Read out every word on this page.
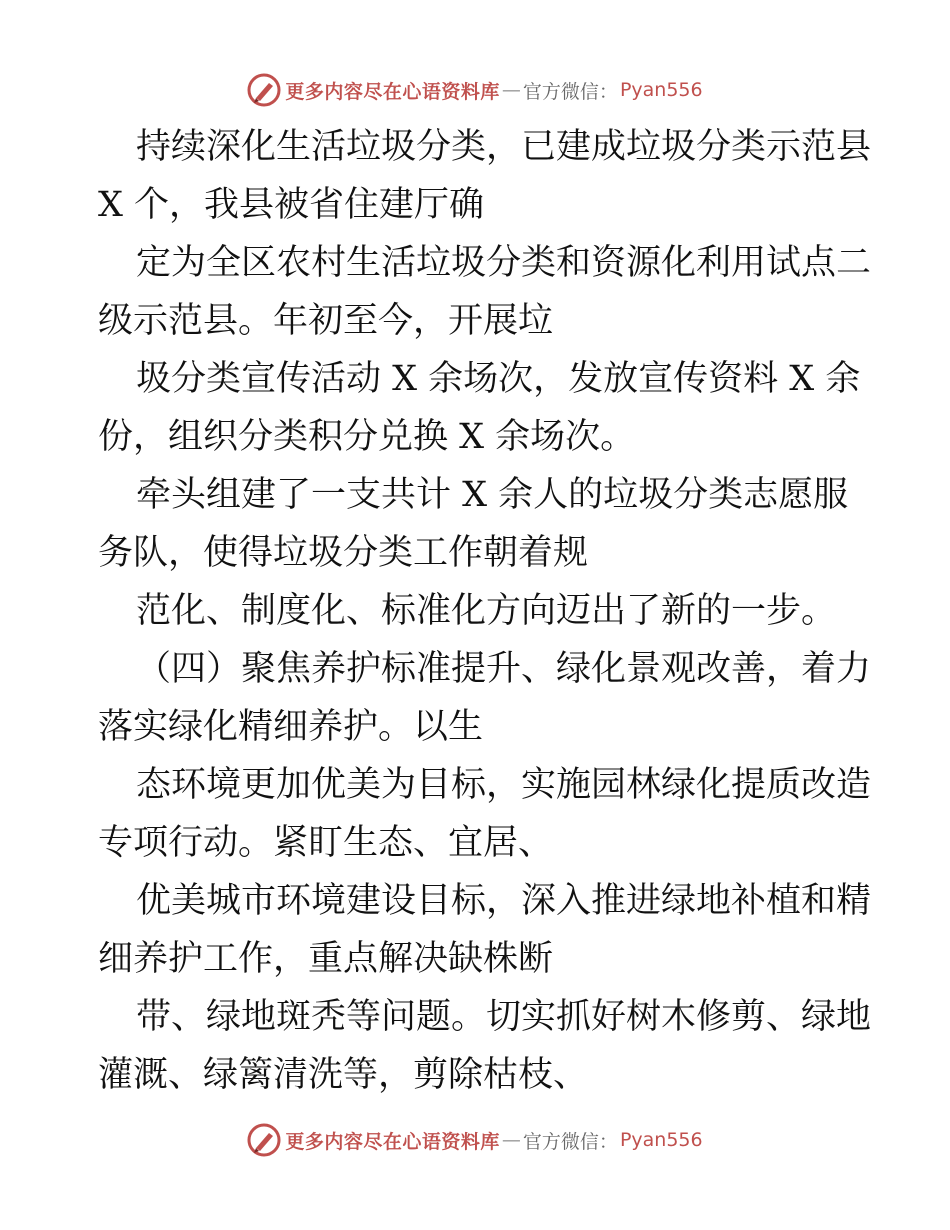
更多内容尽在心语资料库 — 官方微信： Pyan556
持续深化生活垃圾分类，已建成垃圾分类示范县
X 个，我县被省住建厅确
定为全区农村生活垃圾分类和资源化利用试点二
级示范县。年初至今，开展垃
圾分类宣传活动 X 余场次，发放宣传资料 X 余
份，组织分类积分兑换 X 余场次。
牵头组建了一支共计 X 余人的垃圾分类志愿服
务队，使得垃圾分类工作朝着规
范化、制度化、标准化方向迈出了新的一步。
（四）聚焦养护标准提升、绿化景观改善，着力
落实绿化精细养护。以生
态环境更加优美为目标，实施园林绿化提质改造
专项行动。紧盯生态、宜居、
优美城市环境建设目标，深入推进绿地补植和精
细养护工作，重点解决缺株断
带、绿地斑秃等问题。切实抓好树木修剪、绿地
灌溉、绿篱清洗等，剪除枯枝、
更多内容尽在心语资料库 — 官方微信： Pyan556
